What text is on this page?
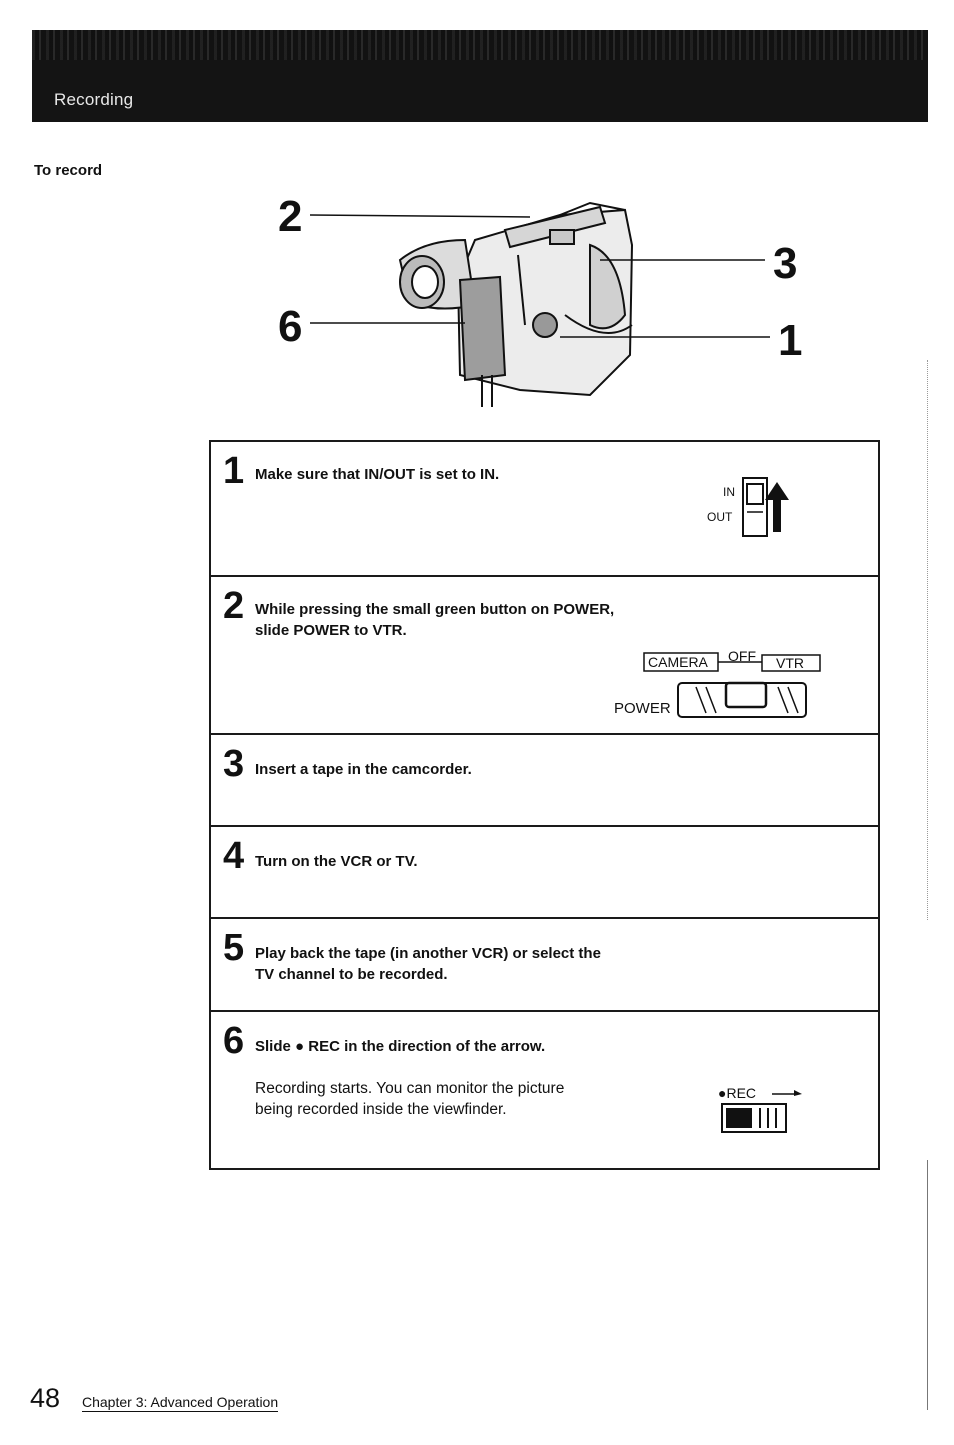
Recording
To record
2
6
3
1
1 Make sure that IN/OUT is set to IN.
IN
OUT
2 While pressing the small green button on POWER,
slide POWER to VTR.
CAMERA OFF VTR
POWER
3 Insert a tape in the camcorder.
4 Turn on the VCR or TV.
5 Play back the tape (in another VCR) or select the
TV channel to be recorded.
6 Slide ● REC in the direction of the arrow.
Recording starts. You can monitor the picture
being recorded inside the viewfinder.
●REC
48 Chapter 3: Advanced Operation
